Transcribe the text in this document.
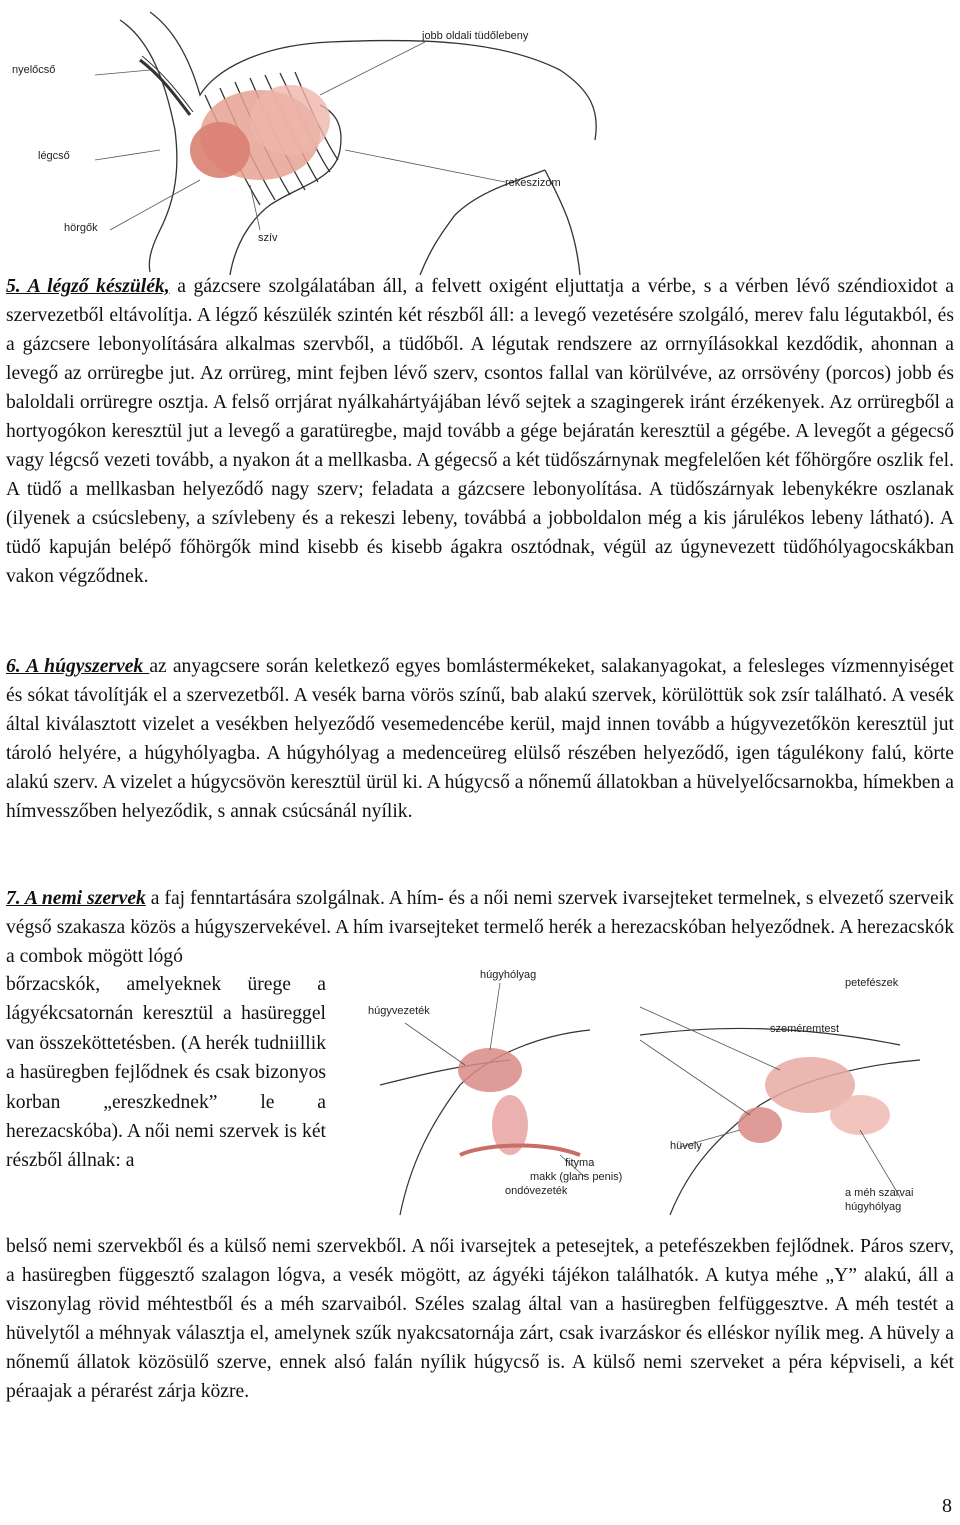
nyelőcső
jobb oldali tüdőlebeny
légcső
rekeszizom
hörgők
szív

5. A légző készülék, a gázcsere szolgálatában áll, a felvett oxigént eljuttatja a vérbe, s a vérben lévő széndioxidot a szervezetből eltávolítja. A légző készülék szintén két részből áll: a levegő vezetésére szolgáló, merev falu légutakból, és a gázcsere lebonyolítására alkalmas szervből, a tüdőből. A légutak rendszere az orrnyílásokkal kezdődik, ahonnan a levegő az orrüregbe jut. Az orrüreg, mint fejben lévő szerv, csontos fallal van körülvéve, az orrsövény (porcos) jobb és baloldali orrüregre osztja. A felső orrjárat nyálkahártyájában lévő sejtek a szagingerek iránt érzékenyek. Az orrüregből a hortyogókon keresztül jut a levegő a garatüregbe, majd tovább a gége bejáratán keresztül a gégébe. A levegőt a gégecső vagy légcső vezeti tovább, a nyakon át a mellkasba. A gégecső a két tüdőszárnynak megfelelően két főhörgőre oszlik fel. A tüdő a mellkasban helyeződő nagy szerv; feladata a gázcsere lebonyolítása. A tüdőszárnyak lebenykékre oszlanak (ilyenek a csúcslebeny, a szívlebeny és a rekeszi lebeny, továbbá a jobboldalon még a kis járulékos lebeny látható). A tüdő kapuján belépő főhörgők mind kisebb és kisebb ágakra osztódnak, végül az úgynevezett tüdőhólyagocskákban vakon végződnek.

6. A húgyszervek az anyagcsere során keletkező egyes bomlástermékeket, salakanyagokat, a felesleges vízmennyiséget és sókat távolítják el a szervezetből. A vesék barna vörös színű, bab alakú szervek, körülöttük sok zsír található. A vesék által kiválasztott vizelet a vesékben helyeződő vesemedencébe kerül, majd innen tovább a húgyvezetőkön keresztül jut tároló helyére, a húgyhólyagba. A húgyhólyag a medenceüreg elülső részében helyeződő, igen tágulékony falú, körte alakú szerv. A vizelet a húgycsövön keresztül ürül ki. A húgycső a nőnemű állatokban a hüvelyelőcsarnokba, hímekben a hímvesszőben helyeződik, s annak csúcsánál nyílik.

7. A nemi szervek a faj fenntartására szolgálnak. A hím- és a női nemi szervek ivarsejteket termelnek, s elvezető szerveik végső szakasza közös a húgyszervekével. A hím ivarsejteket termelő herék a herezacskóban helyeződnek. A herezacskók a combok mögött lógó

bőrzacskók, amelyeknek ürege a lágyékcsatornán keresztül a hasüreggel van összeköttetésben. (A herék tudniillik a hasüregben fejlődnek és csak bizonyos korban „ereszkednek” le a herezacskóba). A női nemi szervek is két részből állnak: a

húgyhólyag
húgyvezeték
petefészek
szeméremtest
hüvely
fityma
makk (glans penis)
ondóvezeték	a méh szarvai
húgyhólyag

belső nemi szervekből és a külső nemi szervekből. A női ivarsejtek a petesejtek, a petefészekben fejlődnek. Páros szerv, a hasüregben függesztő szalagon lógva, a vesék mögött, az ágyéki tájékon találhatók. A kutya méhe „Y” alakú, áll a viszonylag rövid méhtestből és a méh szarvaiból. Széles szalag által van a hasüregben felfüggesztve. A méh testét a hüvelytől a méhnyak választja el, amelynek szűk nyakcsatornája zárt, csak ivarzáskor és elléskor nyílik meg. A hüvely a nőnemű állatok közösülő szerve, ennek alsó falán nyílik húgycső is. A külső nemi szerveket a péra képviseli, a két péraajak a pérarést zárja közre.

8
